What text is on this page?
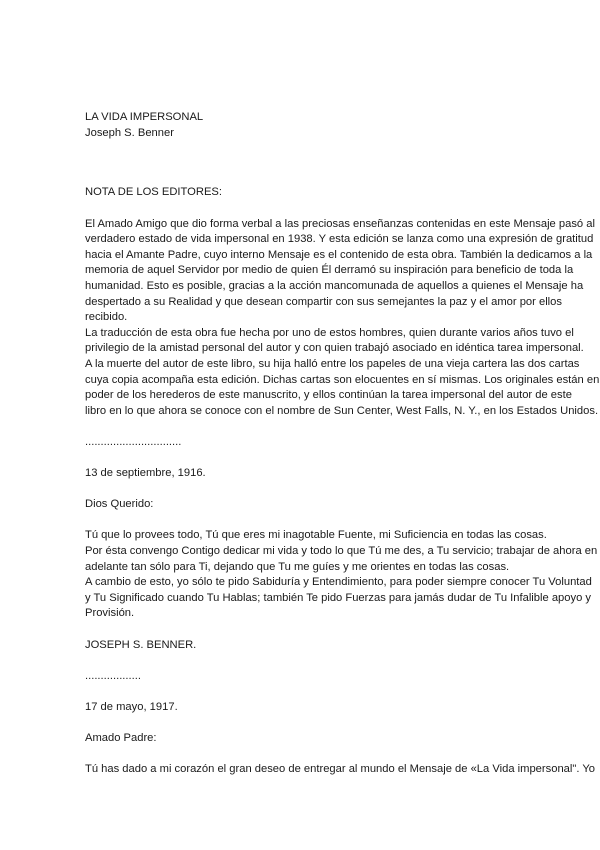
LA VIDA IMPERSONAL
Joseph S. Benner
NOTA DE LOS EDITORES:
El Amado Amigo que dio forma verbal a las preciosas enseñanzas contenidas en este Mensaje pasó al
verdadero estado de vida impersonal en 1938. Y esta edición se lanza como una expresión de gratitud
hacia el Amante Padre, cuyo interno Mensaje es el contenido de esta obra. También la dedicamos a la
memoria de aquel Servidor por medio de quien Él derramó su inspiración para beneficio de toda la
humanidad. Esto es posible, gracias a la acción mancomunada de aquellos a quienes el Mensaje ha
despertado a su Realidad y que desean compartir con sus semejantes la paz y el amor por ellos
recibido.
La traducción de esta obra fue hecha por uno de estos hombres, quien durante varios años tuvo el
privilegio de la amistad personal del autor y con quien trabajó asociado en idéntica tarea impersonal.
A la muerte del autor de este libro, su hija halló entre los papeles de una vieja cartera las dos cartas
cuya copia acompaña esta edición. Dichas cartas son elocuentes en sí mismas. Los originales están en
poder de los herederos de este manuscrito, y ellos continúan la tarea impersonal del autor de este
libro en lo que ahora se conoce con el nombre de Sun Center, West Falls, N. Y., en los Estados Unidos.
...............................
13 de septiembre, 1916.
Dios Querido:
Tú que lo provees todo, Tú que eres mi inagotable Fuente, mi Suficiencia en todas las cosas.
Por ésta convengo Contigo dedicar mi vida y todo lo que Tú me des, a Tu servicio; trabajar de ahora en
adelante tan sólo para Ti, dejando que Tu me guíes y me orientes en todas las cosas.
A cambio de esto, yo sólo te pido Sabiduría y Entendimiento, para poder siempre conocer Tu Voluntad
y Tu Significado cuando Tu Hablas; también Te pido Fuerzas para jamás dudar de Tu Infalible apoyo y
Provisión.
JOSEPH S. BENNER.
..................
17 de mayo, 1917.
Amado Padre:
Tú has dado a mi corazón el gran deseo de entregar al mundo el Mensaje de «La Vida impersonal". Yo
